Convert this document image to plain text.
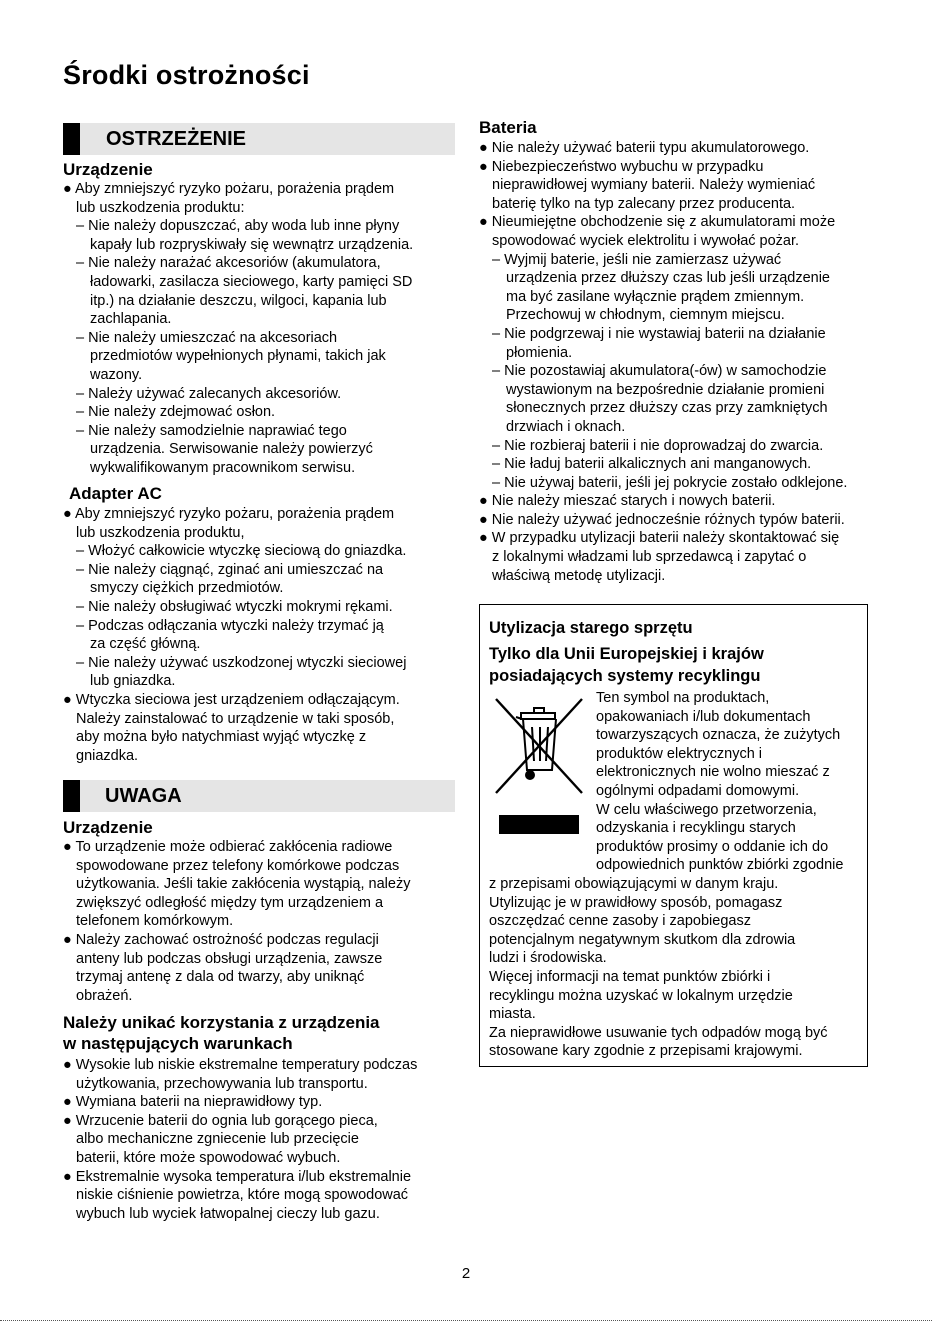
Środki ostrożności
OSTRZEŻENIE
Urządzenie
● Aby zmniejszyć ryzyko pożaru, porażenia prądem
lub uszkodzenia produktu:
– Nie należy dopuszczać, aby woda lub inne płyny
kapały lub rozpryskiwały się wewnątrz urządzenia.
– Nie należy narażać akcesoriów (akumulatora,
ładowarki, zasilacza sieciowego, karty pamięci SD
itp.) na działanie deszczu, wilgoci, kapania lub
zachlapania.
– Nie należy umieszczać na akcesoriach
przedmiotów wypełnionych płynami, takich jak
wazony.
– Należy używać zalecanych akcesoriów.
– Nie należy zdejmować osłon.
– Nie należy samodzielnie naprawiać tego
urządzenia. Serwisowanie należy powierzyć
wykwalifikowanym pracownikom serwisu.
Adapter AC
● Aby zmniejszyć ryzyko pożaru, porażenia prądem
lub uszkodzenia produktu,
– Włożyć całkowicie wtyczkę sieciową do gniazdka.
– Nie należy ciągnąć, zginać ani umieszczać na
smyczy ciężkich przedmiotów.
– Nie należy obsługiwać wtyczki mokrymi rękami.
– Podczas odłączania wtyczki należy trzymać ją
za część główną.
– Nie należy używać uszkodzonej wtyczki sieciowej
lub gniazdka.
● Wtyczka sieciowa jest urządzeniem odłączającym.
Należy zainstalować to urządzenie w taki sposób,
aby można było natychmiast wyjąć wtyczkę z
gniazdka.
UWAGA
Urządzenie
● To urządzenie może odbierać zakłócenia radiowe
spowodowane przez telefony komórkowe podczas
użytkowania. Jeśli takie zakłócenia wystąpią, należy
zwiększyć odległość między tym urządzeniem a
telefonem komórkowym.
● Należy zachować ostrożność podczas regulacji
anteny lub podczas obsługi urządzenia, zawsze
trzymaj antenę z dala od twarzy, aby uniknąć
obrażeń.
Należy unikać korzystania z urządzenia
w następujących warunkach
● Wysokie lub niskie ekstremalne temperatury podczas
użytkowania, przechowywania lub transportu.
● Wymiana baterii na nieprawidłowy typ.
● Wrzucenie baterii do ognia lub gorącego pieca,
albo mechaniczne zgniecenie lub przecięcie
baterii, które może spowodować wybuch.
● Ekstremalnie wysoka temperatura i/lub ekstremalnie
niskie ciśnienie powietrza, które mogą spowodować
wybuch lub wyciek łatwopalnej cieczy lub gazu.
Bateria
● Nie należy używać baterii typu akumulatorowego.
● Niebezpieczeństwo wybuchu w przypadku
nieprawidłowej wymiany baterii. Należy wymieniać
baterię tylko na typ zalecany przez producenta.
● Nieumiejętne obchodzenie się z akumulatorami może
spowodować wyciek elektrolitu i wywołać pożar.
– Wyjmij baterie, jeśli nie zamierzasz używać
urządzenia przez dłuższy czas lub jeśli urządzenie
ma być zasilane wyłącznie prądem zmiennym.
Przechowuj w chłodnym, ciemnym miejscu.
– Nie podgrzewaj i nie wystawiaj baterii na działanie
płomienia.
– Nie pozostawiaj akumulatora(-ów) w samochodzie
wystawionym na bezpośrednie działanie promieni
słonecznych przez dłuższy czas przy zamkniętych
drzwiach i oknach.
– Nie rozbieraj baterii i nie doprowadzaj do zwarcia.
– Nie ładuj baterii alkalicznych ani manganowych.
– Nie używaj baterii, jeśli jej pokrycie zostało odklejone.
● Nie należy mieszać starych i nowych baterii.
● Nie należy używać jednocześnie różnych typów baterii.
● W przypadku utylizacji baterii należy skontaktować się
z lokalnymi władzami lub sprzedawcą i zapytać o
właściwą metodę utylizacji.
Utylizacja starego sprzętu
Tylko dla Unii Europejskiej i krajów
posiadających systemy recyklingu
Ten symbol na produktach,
opakowaniach i/lub dokumentach
towarzyszących oznacza, że zużytych
produktów elektrycznych i
elektronicznych nie wolno mieszać z
ogólnymi odpadami domowymi.
W celu właściwego przetworzenia,
odzyskania i recyklingu starych
produktów prosimy o oddanie ich do
odpowiednich punktów zbiórki zgodnie
z przepisami obowiązującymi w danym kraju.
Utylizując je w prawidłowy sposób, pomagasz
oszczędzać cenne zasoby i zapobiegasz
potencjalnym negatywnym skutkom dla zdrowia
ludzi i środowiska.
Więcej informacji na temat punktów zbiórki i
recyklingu można uzyskać w lokalnym urzędzie
miasta.
Za nieprawidłowe usuwanie tych odpadów mogą być
stosowane kary zgodnie z przepisami krajowymi.
2
